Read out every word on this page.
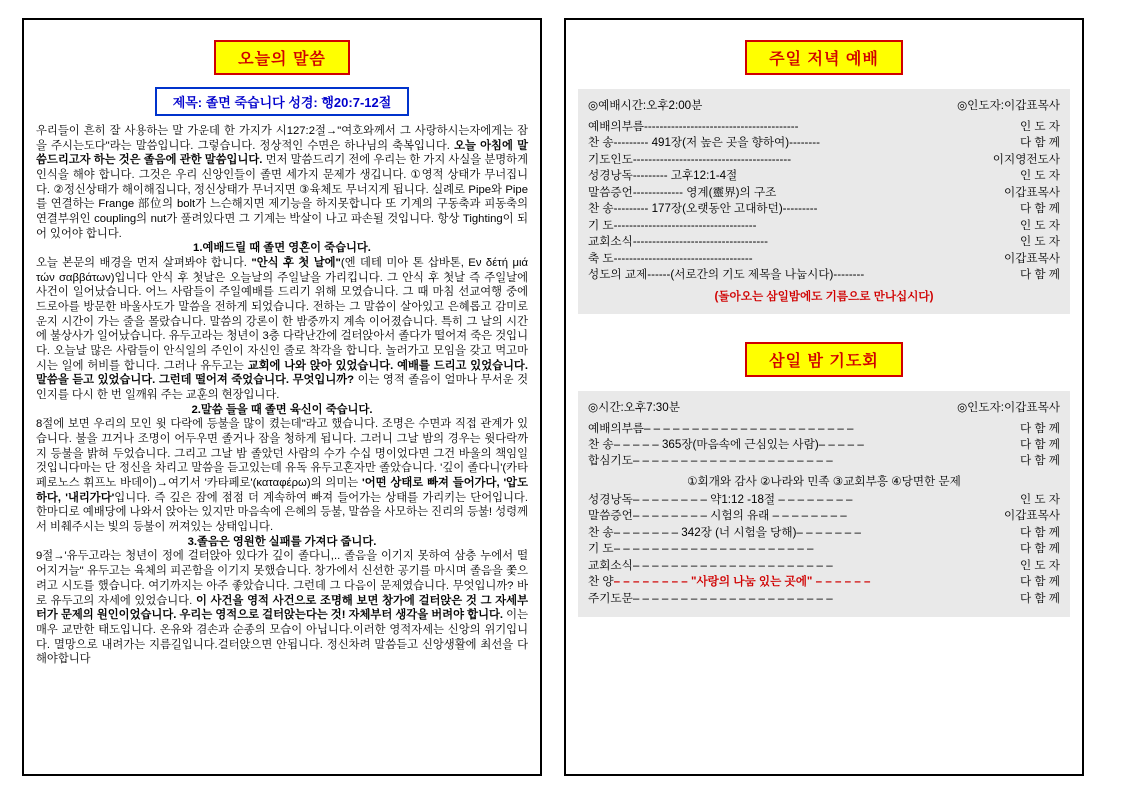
오늘의 말씀
제목: 졸면 죽습니다 성경: 행20:7-12절

우리들이 흔히 잘 사용하는 말 가운데 한 가지가 시127:2절→"여호와께서 그 사랑하시는자에게는 잠을 주시는도다"라는 말씀입니다. 그렇습니다. 정상적인 수면은 하나님의 축복입니다. 오늘 아침에 말씀드리고자 하는 것은 졸음에 관한 말씀입니다. 먼저 말씀드리기 전에 우리는 한 가지 사실을 분명하게 인식을 해야 합니다. 그것은 우리 신앙인들이 졸면 세가지 문제가 생깁니다. ①영적 상태가 무너집니다. ②정신상태가 해이해집니다, 정신상태가 무너지면 ③육체도 무너지게 됩니다. 실례로 Pipe와 Pipe를 연결하는 Frange 部位의 bolt가 느슨해지면 제기능을 하지못합니다 또 기계의 구동축과 피동축의 연결부위인 coupling의 nut가 풀려있다면 그 기계는 박살이 나고 파손될 것입니다. 항상 Tighting이 되어 있어야 합니다.

1.예배드릴 때 졸면 영혼이 죽습니다.

오늘 본문의 배경을 먼저 살펴봐야 합니다. "안식 후 첫 날에"(엔 데테 미아 톤 삽바톤, Εν δέτή μιά τών σαββάτων)입니다 안식 후 첫날은 오늘날의 주일날을 가리킵니다. 그 안식 후 첫날 즉 주일날에 사건이 일어났습니다. 어느 사람들이 주일예배를 드리기 위해 모였습니다. 그 때 마침 선교여행 중에 드로아를 방문한 바울사도가 말씀을 전하게 되었습니다. 전하는 그 말씀이 살아있고 은혜롭고 감미로운지 시간이 가는 줄을 몰랐습니다. 말씀의 강론이 한 밤중까지 계속 이어졌습니다. 특히 그 날의 시간에 불상사가 일어났습니다. 유두고라는 청년이 3층 다락난간에 걸터앉아서 졸다가 떨어져 죽은 것입니다. 오늘날 많은 사람들이 안식일의 주인이 자신인 줄로 착각을 합니다. 놀러가고 모임을 갖고 먹고마시는 일에 허비를 합니다. 그러나 유두고는 교회에 나와 앉아 있었습니다. 예배를 드리고 있었습니다. 말씀을 듣고 있었습니다. 그런데 떨어져 죽었습니다. 무엇입니까? 이는 영적 졸음이 얼마나 무서운 것인지를 다시 한 번 일깨워 주는 교훈의 현장입니다.

2.말씀 들을 때 졸면 육신이 죽습니다.

8절에 보면 우리의 모인 윗 다락에 등불을 많이 켰는데"라고 했습니다. 조명은 수면과 직접 관계가 있습니다. 불을 끄거나 조명이 어두우면 졸거나 잠을 청하게 됩니다. 그러니 그날 밤의 경우는 윗다락까지 등불을 밝혀 두었습니다. 그리고 그날 밤 졸았던 사람의 수가 수십 명이었다면 그건 바울의 책임일 것입니다마는 단 정신을 차리고 말씀을 듣고있는데 유독 유두고혼자만 졸았습니다. '깊이 졸다니'(카타페로노스 휘프노 바데이)→여기서 '카타페로'(καταφέρω)의 의미는 '어떤 상태로 빠져 들어가다, '압도하다, '내리가다'입니다. 즉 깊은 잠에 점점 더 계속하여 빠져 들어가는 상태를 가리키는 단어입니다. 한마디로 예배당에 나와서 앉아는 있지만 마음속에 은혜의 등불, 말씀을 사모하는 진리의 등불! 성령께서 비췌주시는 빛의 등불이 꺼져있는 상태입니다.

3.졸음은 영원한 실패를 가져다 줍니다.

9절→'유두고라는 청년이 정에 걸터앉아 있다가 깊이 졸다니,.. 졸음을 이기지 못하여 삼층 누에서 떨어지거늘" 유두고는 육체의 피곤함을 이기지 못했습니다. 창가에서 신선한 공기를 마시며 졸음을 쫓으려고 시도를 했습니다. 여기까지는 아주 좋았습니다. 그런데 그 다음이 문제였습니다. 무엇입니까? 바로 유두고의 자세에 있었습니다. 이 사건을 영적 사건으로 조명해 보면 창가에 걸터앉은 것 그 자세부터가 문제의 원인이었습니다. 우리는 영적으로 걸터앉는다는 것! 자체부터 생각을 버려야 합니다. 이는 매우 교만한 태도입니다. 온유와 겸손과 순종의 모습이 아닙니다.이러한 영적자세는 신앙의 위기입니다. 멸망으로 내려가는 지름길입니다.걸터앉으면 안됩니다. 정신차려 말씀듣고 신앙생활에 최선을 다해야합니다

주일 저녁 예배
◎예배시간:오후2:00분	◎인도자:이갑표목사
예배의부름 ----------------------------------------	인 도 자
찬 송 --------- 491장(저 높은 곳을 향하여)--------	다 함 께
기도인도 -----------------------------------------	이지영전도사
성경낭독 --------- 고후12:1-4절	인 도 자
말씀증언 ------------- 영계(靈界)의 구조	이갑표목사
찬 송 --------- 177장(오랫동안 고대하던)---------	다 함 께
기 도 -------------------------------------	인 도 자
교회소식 -----------------------------------	인 도 자
축 도 ------------------------------------	이갑표목사
성도의 교제 ------(서로간의 기도 제목을 나눕시다)--------	다 함 께
(돌아오는 삼일밤에도 기름으로 만나십시다)
삼일 밤 기도회
◎시간:오후7:30분	◎인도자:이갑표목사
예배의부름 – – – – – – – – – – – – – – – – – – – – – –	다 함 께
찬 송 – – – – – 365장(마음속에 근심있는 사람)– – – – –	다 함 께
합심기도 – – – – – – – – – – – – – – – – – – – – –	다 함 께
①회개와 감사 ②나라와 민족 ③교회부흥 ④당면한 문제
성경낭독 – – – – – – – – 약1:12 -18절 – – – – – – – –	인 도 자
말씀증언 – – – – – – – – 시험의 유래 – – – – – – – –	이갑표목사
찬 송 – – – – – – – 342장 (너 시험을 당해)– – – – – – –	다 함 께
기 도 – – – – – – – – – – – – – – – – – – – – –	다 함 께
교회소식 – – – – – – – – – – – – – – – – – – – – –	인 도 자
찬 양 – – – – – – – – "사랑의 나눔 있는 곳에" – – – – – –	다 함 께
주기도문 – – – – – – – – – – – – – – – – – – – – –	다 함 께
